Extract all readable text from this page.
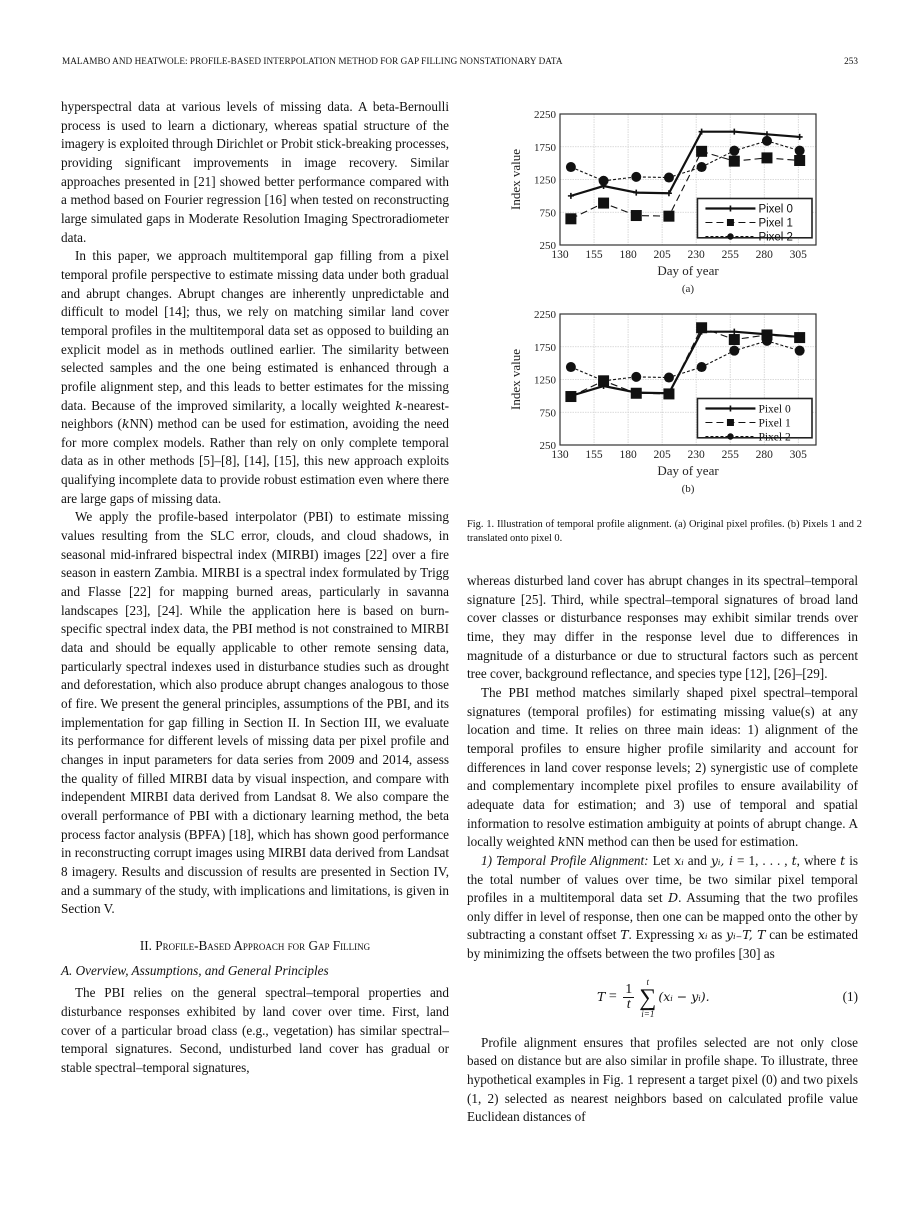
MALAMBO AND HEATWOLE: PROFILE-BASED INTERPOLATION METHOD FOR GAP FILLING NONSTATIONARY DATA	253

hyperspectral data at various levels of missing data. A beta-Bernoulli process is used to learn a dictionary, whereas spatial structure of the imagery is exploited through Dirichlet or Probit stick-breaking processes, providing significant improvements in image recovery. Similar approaches presented in [21] showed better performance compared with a method based on Fourier regression [16] when tested on reconstructing large simulated gaps in Moderate Resolution Imaging Spectroradiometer data.

In this paper, we approach multitemporal gap filling from a pixel temporal profile perspective to estimate missing data under both gradual and abrupt changes. Abrupt changes are inherently unpredictable and difficult to model [14]; thus, we rely on matching similar land cover temporal profiles in the multitemporal data set as opposed to building an explicit model as in methods outlined earlier. The similarity between selected samples and the one being estimated is enhanced through a profile alignment step, and this leads to better estimates for the missing data. Because of the improved similarity, a locally weighted k-nearest-neighbors (kNN) method can be used for estimation, avoiding the need for more complex models. Rather than rely on only complete temporal data as in other methods [5]–[8], [14], [15], this new approach exploits qualifying incomplete data to provide robust estimation even where there are large gaps of missing data.

We apply the profile-based interpolator (PBI) to estimate missing values resulting from the SLC error, clouds, and cloud shadows, in seasonal mid-infrared bispectral index (MIRBI) images [22] over a fire season in eastern Zambia. MIRBI is a spectral index formulated by Trigg and Flasse [22] for mapping burned areas, particularly in savanna landscapes [23], [24]. While the application here is based on burn-specific spectral index data, the PBI method is not constrained to MIRBI data and should be equally applicable to other remote sensing data, particularly spectral indexes used in disturbance studies such as drought and deforestation, which also produce abrupt changes analogous to those of fire. We present the general principles, assumptions of the PBI, and its implementation for gap filling in Section II. In Section III, we evaluate its performance for different levels of missing data per pixel profile and changes in input parameters for data series from 2009 and 2014, assess the quality of filled MIRBI data by visual inspection, and compare with independent MIRBI data derived from Landsat 8. We also compare the overall performance of PBI with a dictionary learning method, the beta process factor analysis (BPFA) [18], which has shown good performance in reconstructing corrupt images using MIRBI data derived from Landsat 8 imagery. Results and discussion of results are presented in Section IV, and a summary of the study, with implications and limitations, is given in Section V.

II. Profile-Based Approach for Gap Filling
A. Overview, Assumptions, and General Principles

The PBI relies on the general spectral–temporal properties and disturbance responses exhibited by land cover over time. First, land cover of a particular broad class (e.g., vegetation) has similar spectral–temporal signatures. Second, undisturbed land cover has gradual or stable spectral–temporal signatures,

250
750
1250
1750
2250
130 155 180 205 230 255 280 305
Day of year
Index value
(a)
Pixel 0
Pixel 1
Pixel 2
250
750
1250
1750
2250
130 155 180 205 230 255 280 305
Day of year
Index value
(b)
Pixel 0
Pixel 1
Pixel 2
Fig. 1. Illustration of temporal profile alignment. (a) Original pixel profiles. (b) Pixels 1 and 2 translated onto pixel 0.

whereas disturbed land cover has abrupt changes in its spectral–temporal signature [25]. Third, while spectral–temporal signatures of broad land cover classes or disturbance responses may exhibit similar trends over time, they may differ in the response level due to differences in magnitude of a disturbance or due to structural factors such as percent tree cover, background reflectance, and species type [12], [26]–[29].

The PBI method matches similarly shaped pixel spectral–temporal signatures (temporal profiles) for estimating missing value(s) at any location and time. It relies on three main ideas: 1) alignment of the temporal profiles to ensure higher profile similarity and account for differences in land cover response levels; 2) synergistic use of complete and complementary incomplete pixel profiles to ensure availability of adequate data for estimation; and 3) use of temporal and spatial information to resolve estimation ambiguity at points of abrupt change. A locally weighted kNN method can then be used for estimation.

1) Temporal Profile Alignment: Let xᵢ and yᵢ, i = 1, . . . , t, where t is the total number of values over time, be two similar pixel temporal profiles in a multitemporal data set D. Assuming that the two profiles only differ in level of response, then one can be mapped onto the other by subtracting a constant offset T. Expressing xᵢ as yᵢ₋T, T can be estimated by minimizing the offsets between the two profiles [30] as

T
=
$\frac{1}{t}$
t
∑
i=1
(xᵢ − yᵢ).	(1)

Profile alignment ensures that profiles selected are not only close based on distance but are also similar in profile shape. To illustrate, three hypothetical examples in Fig. 1 represent a target pixel (0) and two pixels (1, 2) selected as nearest neighbors based on calculated profile value Euclidean distances of
